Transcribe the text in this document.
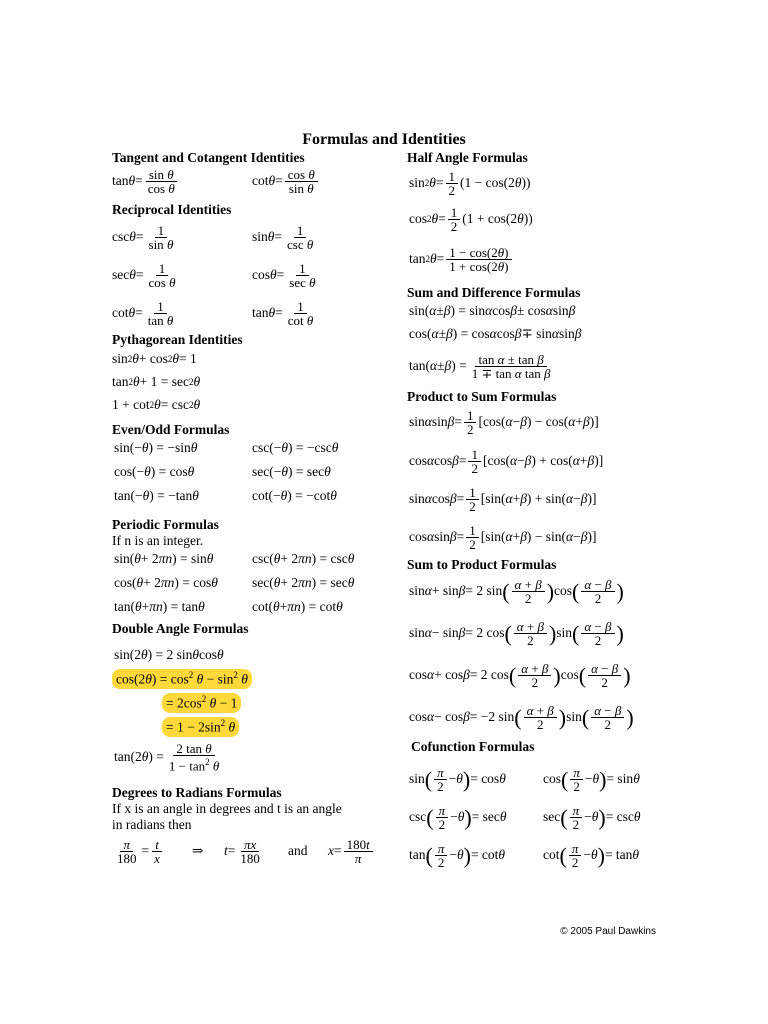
Formulas and Identities
Tangent and Cotangent Identities
$\tan \theta = \frac{\text{sin θ}}{\text{cos θ}}$	$\cot \theta = \frac{\text{cos θ}}{\text{sin θ}}$
Reciprocal Identities
$\csc \theta = \frac{1}{\text{sin θ}}$	$\sin \theta = \frac{1}{\text{csc θ}}$
$\sec \theta = \frac{1}{\text{cos θ}}$	$\cos \theta = \frac{1}{\text{sec θ}}$
$\cot \theta = \frac{1}{\text{tan θ}}$	$\tan \theta = \frac{1}{\text{cot θ}}$
Pythagorean Identities
sin 2 θ + cos 2 θ = 1
tan 2 θ + 1 = sec 2 θ
1 + cot 2 θ = csc 2 θ
Even/Odd Formulas
sin(− θ ) = −sin θ	csc(− θ ) = −csc θ
cos(− θ ) = cos θ	sec(− θ ) = sec θ
tan(− θ ) = −tan θ	cot(− θ ) = −cot θ
Periodic Formulas
If n is an integer.
sin( θ + 2 πn ) = sin θ	csc( θ + 2 πn ) = csc θ
cos( θ + 2 πn ) = cos θ	sec( θ + 2 πn ) = sec θ
tan( θ + πn ) = tan θ	cot( θ + πn ) = cot θ
Double Angle Formulas
sin(2 θ ) = 2 sin θ cos θ
$\cos(2\theta) = \cos^2 \theta - \sin^2 \theta$
= $2\cos^2$ θ − 1
= $1 - 2\sin^2$ θ
tan(2 θ ) = $\frac{\text{2 tan θ}}{1 - \tan^2 \theta}$
Degrees to Radians Formulas
If x is an angle in degrees and t is an angle in radians then
$\frac{\pi}{180} = \frac{t}{x}$ ⇒ $t = \frac{\pi x}{180}$ and $x = \frac{180t}{\pi}$
Half Angle Formulas
sin 2 $\theta = \frac{1}{2} (1 - \cos(2$ θ ))
cos 2 $\theta = \frac{1}{2} (1 + \cos(2$ θ ))
tan 2 $\theta = \frac{1 - \cos(2\theta)}{1 + \cos(2\theta)}$
Sum and Difference Formulas
sin( α ± β ) = sin α cos β ± cos α sin β
cos( α ± β ) = cos α cos β ∓ sin α sin β
tan( α ± β ) = $\frac{\text{tan α ± tan β}}{\text{1 ∓ tan α tan β}}$
Product to Sum Formulas
sin α $\sin \beta = \frac{1}{2} [\cos$( α − β ) − cos( α + β )]
cos α $\cos \beta = \frac{1}{2} [\cos$( α − β ) + cos( α + β )]
sin α $\cos \beta = \frac{1}{2} [\sin$( α + β ) + sin( α − β )]
cos α $\sin \beta = \frac{1}{2} [\sin$( α + β ) − sin( α − β )]
Sum to Product Formulas
sin α + sin β = 2 sin ( $\frac{\alpha + \beta}{2}$ ) cos ( $\frac{\alpha - \beta}{2}$ )
sin α − sin β = 2 cos ( $\frac{\alpha + \beta}{2}$ ) sin ( $\frac{\alpha - \beta}{2}$ )
cos α + cos β = 2 cos ( $\frac{\alpha + \beta}{2}$ ) cos ( $\frac{\alpha - \beta}{2}$ )
cos α − cos β = −2 sin ( $\frac{\alpha + \beta}{2}$ ) sin ( $\frac{\alpha - \beta}{2}$ )
Cofunction Formulas
sin ( $\frac{\pi}{2} - \theta$ ) = cos θ	cos ( $\frac{\pi}{2} - \theta$ ) = sin θ
csc ( $\frac{\pi}{2} - \theta$ ) = sec θ	sec ( $\frac{\pi}{2} - \theta$ ) = csc θ
tan ( $\frac{\pi}{2} - \theta$ ) = cot θ	cot ( $\frac{\pi}{2} - \theta$ ) = tan θ
© 2005 Paul Dawkins
